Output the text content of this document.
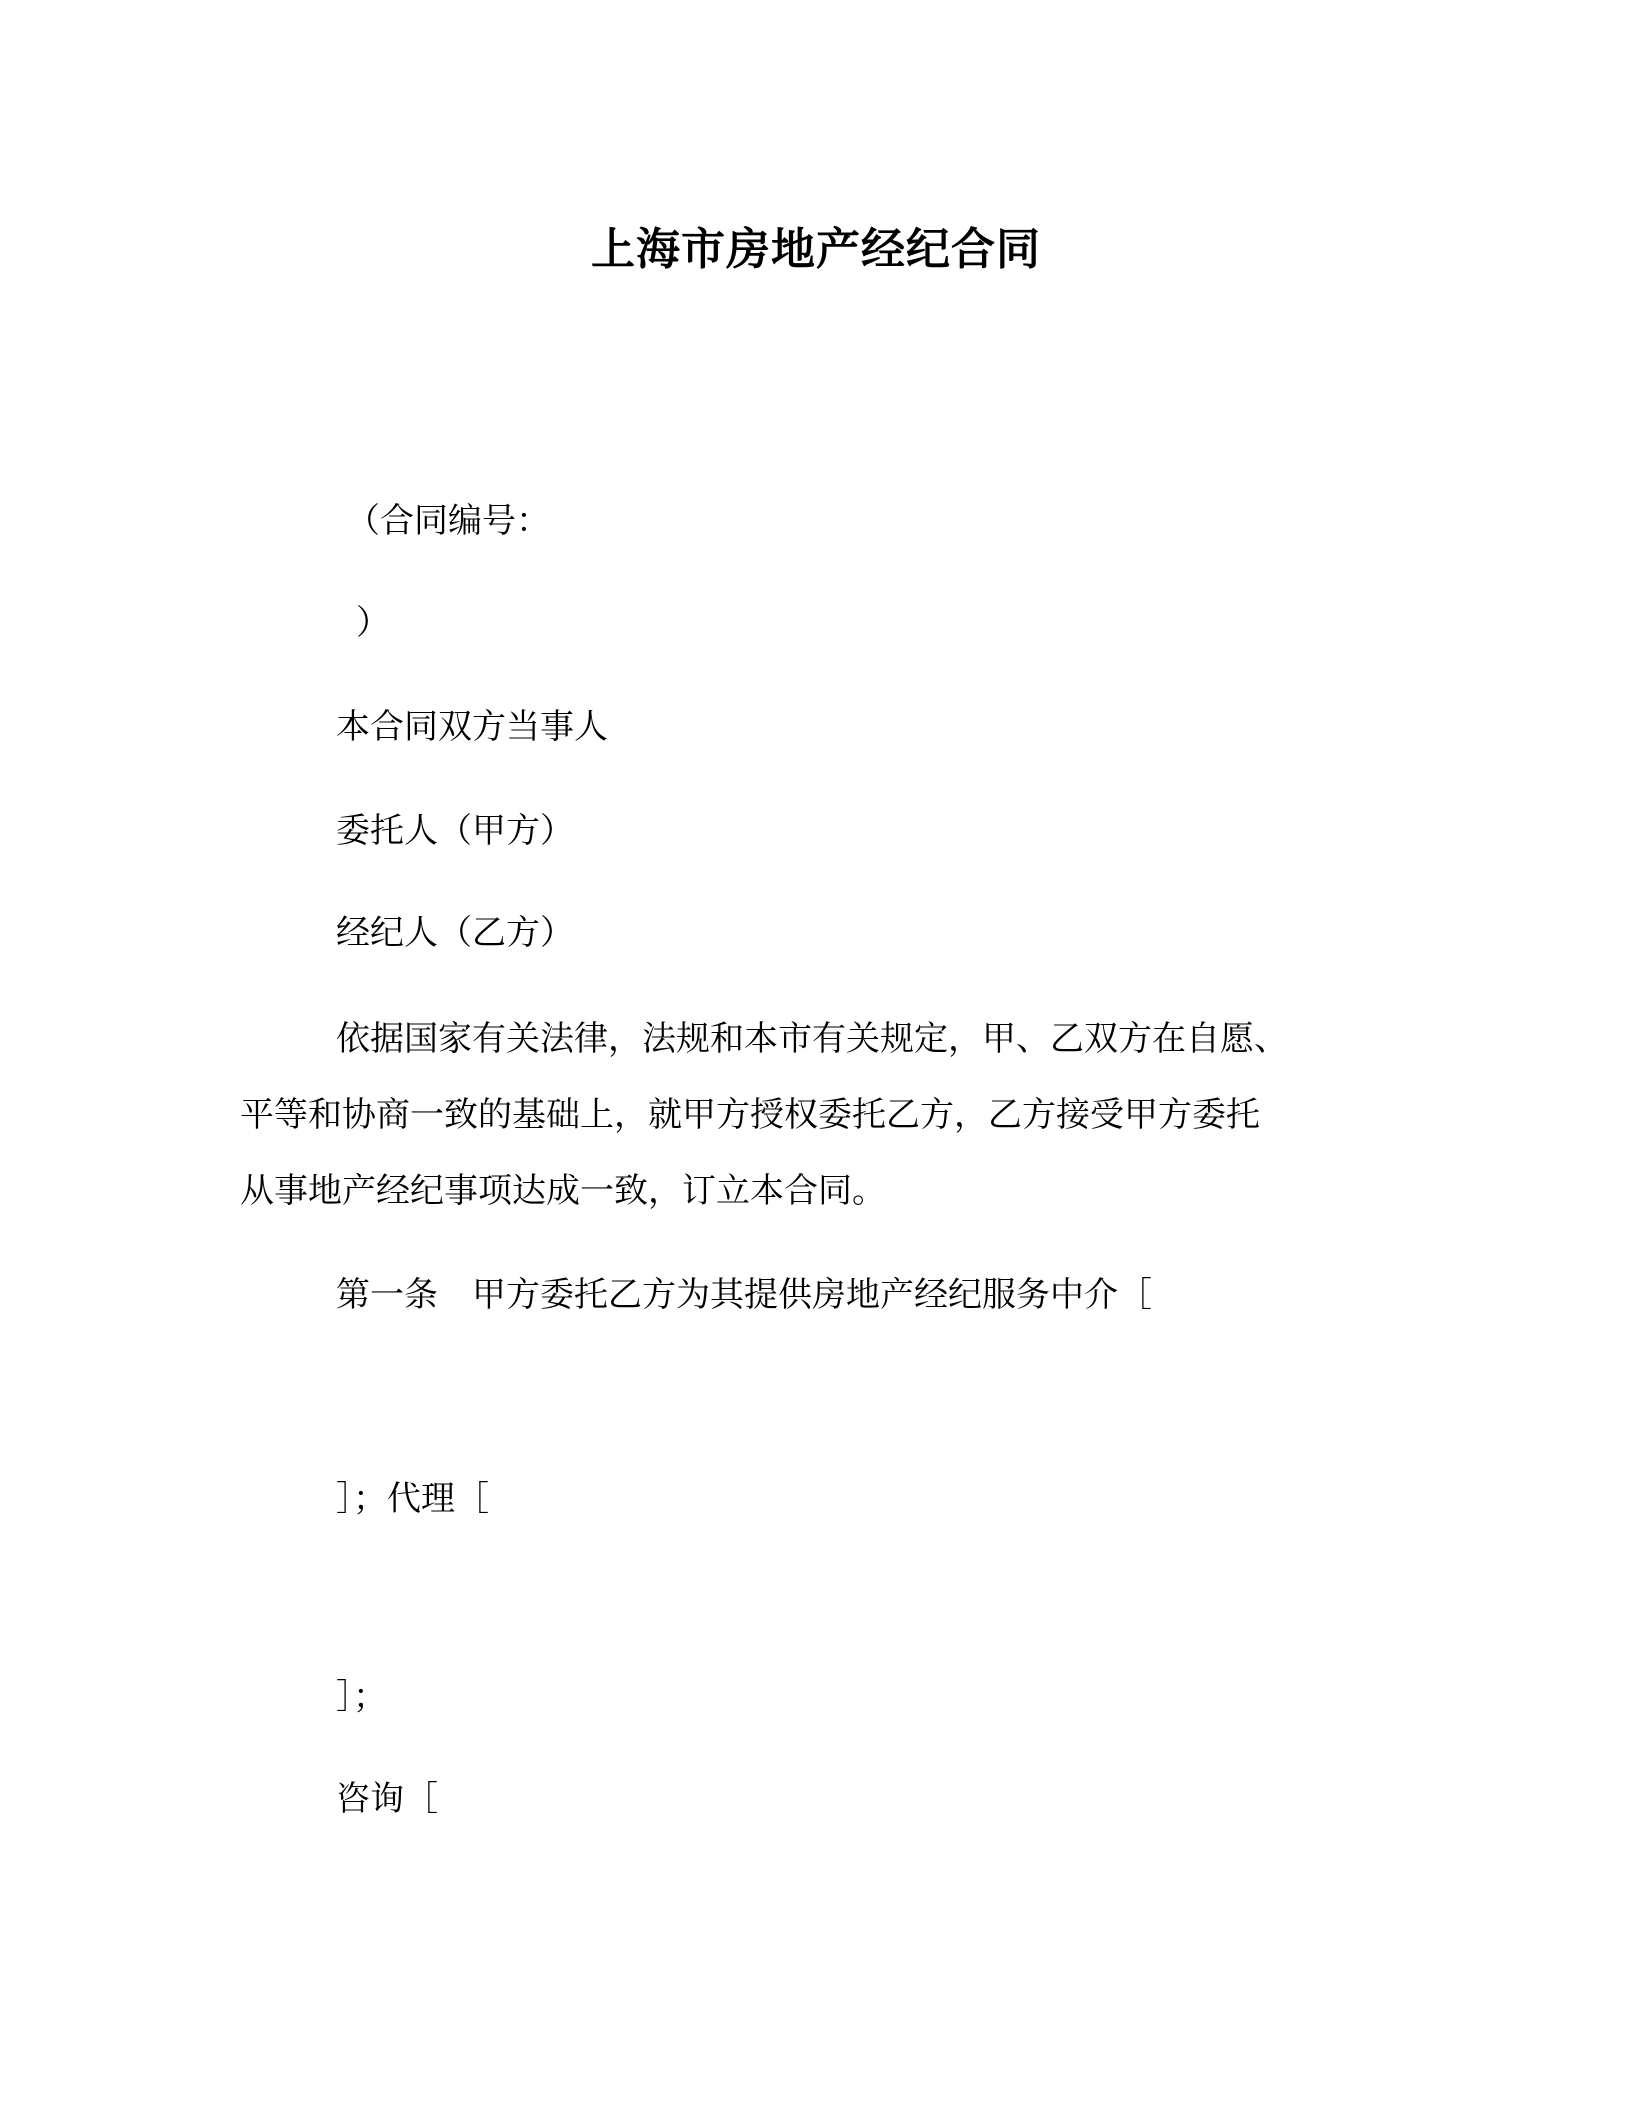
上海市房地产经纪合同
（合同编号：
）
本合同双方当事人
委托人（甲方）
经纪人（乙方）
依据国家有关法律，法规和本市有关规定，甲、乙双方在自愿、
平等和协商一致的基础上，就甲方授权委托乙方，乙方接受甲方委托
从事地产经纪事项达成一致，订立本合同。
第一条　甲方委托乙方为其提供房地产经纪服务中介［
］；代理［
］；
咨询［
